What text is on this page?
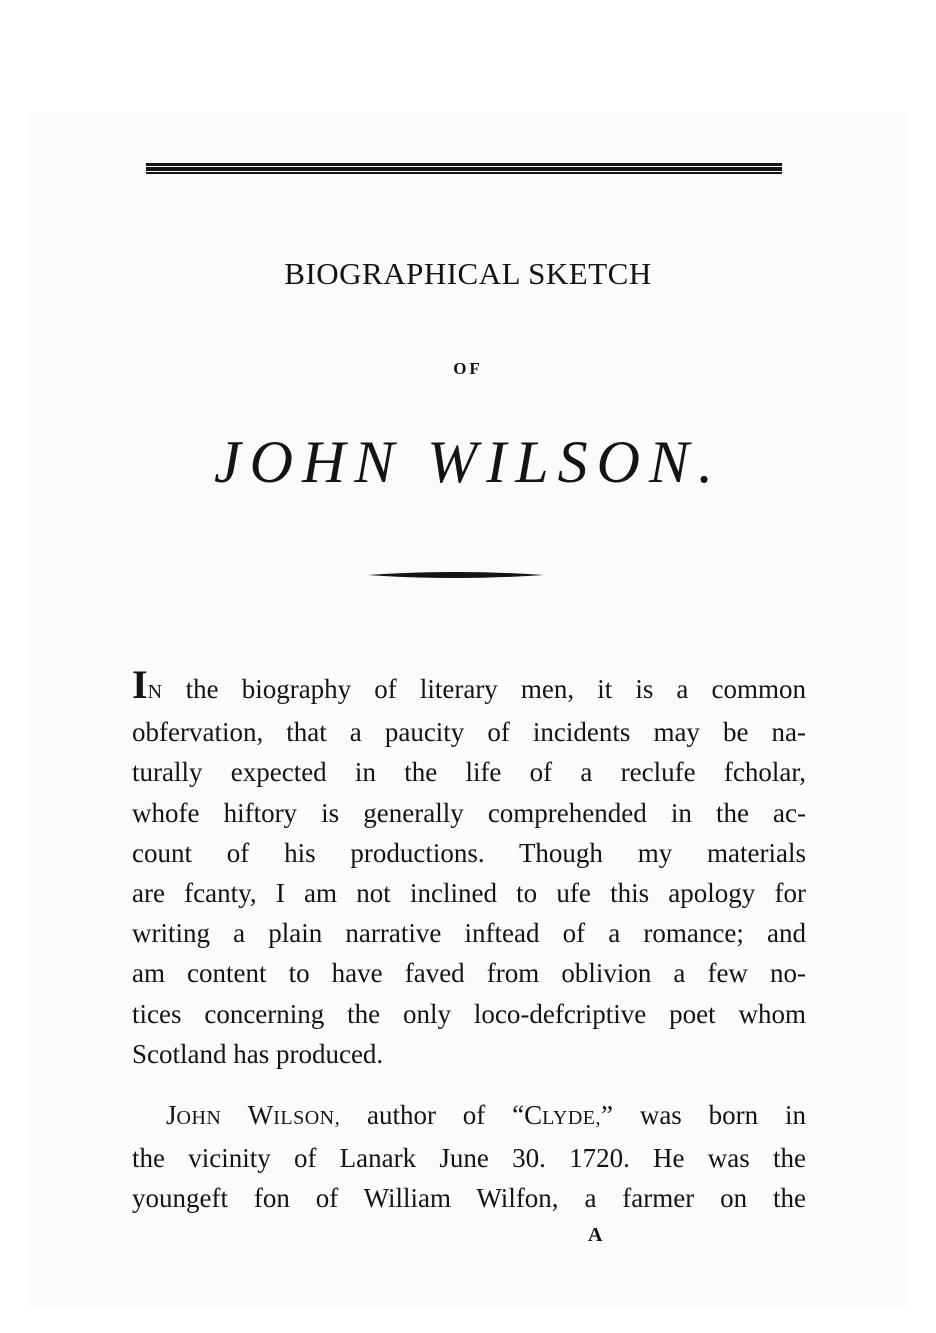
BIOGRAPHICAL SKETCH
OF
JOHN WILSON.
IN the biography of literary men, it is a common
obfervation, that a paucity of incidents may be na-
turally expected in the life of a reclufe fcholar,
whofe hiftory is generally comprehended in the ac-
count of his productions. Though my materials
are fcanty, I am not inclined to ufe this apology for
writing a plain narrative inftead of a romance; and
am content to have faved from oblivion a few no-
tices concerning the only loco-defcriptive poet whom
Scotland has produced.
JOHN WILSON, author of “CLYDE,” was born in
the vicinity of Lanark June 30. 1720. He was the
youngeft fon of William Wilfon, a farmer on the
A
